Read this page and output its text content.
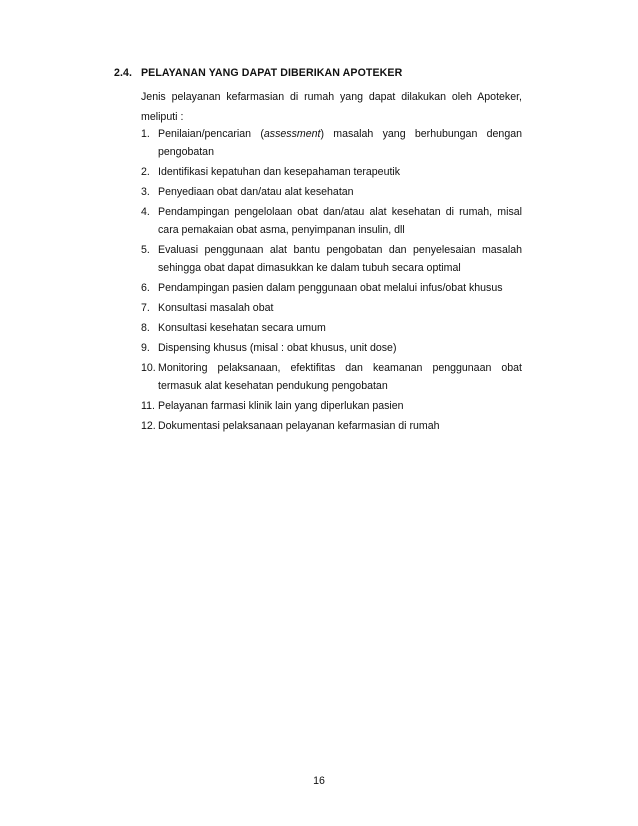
2.4. PELAYANAN YANG DAPAT DIBERIKAN APOTEKER
Jenis pelayanan kefarmasian di rumah yang dapat dilakukan oleh Apoteker, meliputi :
1. Penilaian/pencarian (assessment) masalah yang berhubungan dengan pengobatan
2. Identifikasi kepatuhan dan kesepahaman terapeutik
3. Penyediaan obat dan/atau alat kesehatan
4. Pendampingan pengelolaan obat dan/atau alat kesehatan di rumah, misal cara pemakaian obat asma, penyimpanan insulin, dll
5. Evaluasi penggunaan alat bantu pengobatan dan penyelesaian masalah sehingga obat dapat dimasukkan ke dalam tubuh secara optimal
6. Pendampingan pasien dalam penggunaan obat melalui infus/obat khusus
7. Konsultasi masalah obat
8. Konsultasi kesehatan secara umum
9. Dispensing khusus (misal : obat khusus, unit dose)
10. Monitoring pelaksanaan, efektifitas dan keamanan penggunaan obat termasuk alat kesehatan pendukung pengobatan
11. Pelayanan farmasi klinik lain yang diperlukan pasien
12. Dokumentasi pelaksanaan pelayanan kefarmasian di rumah
16
